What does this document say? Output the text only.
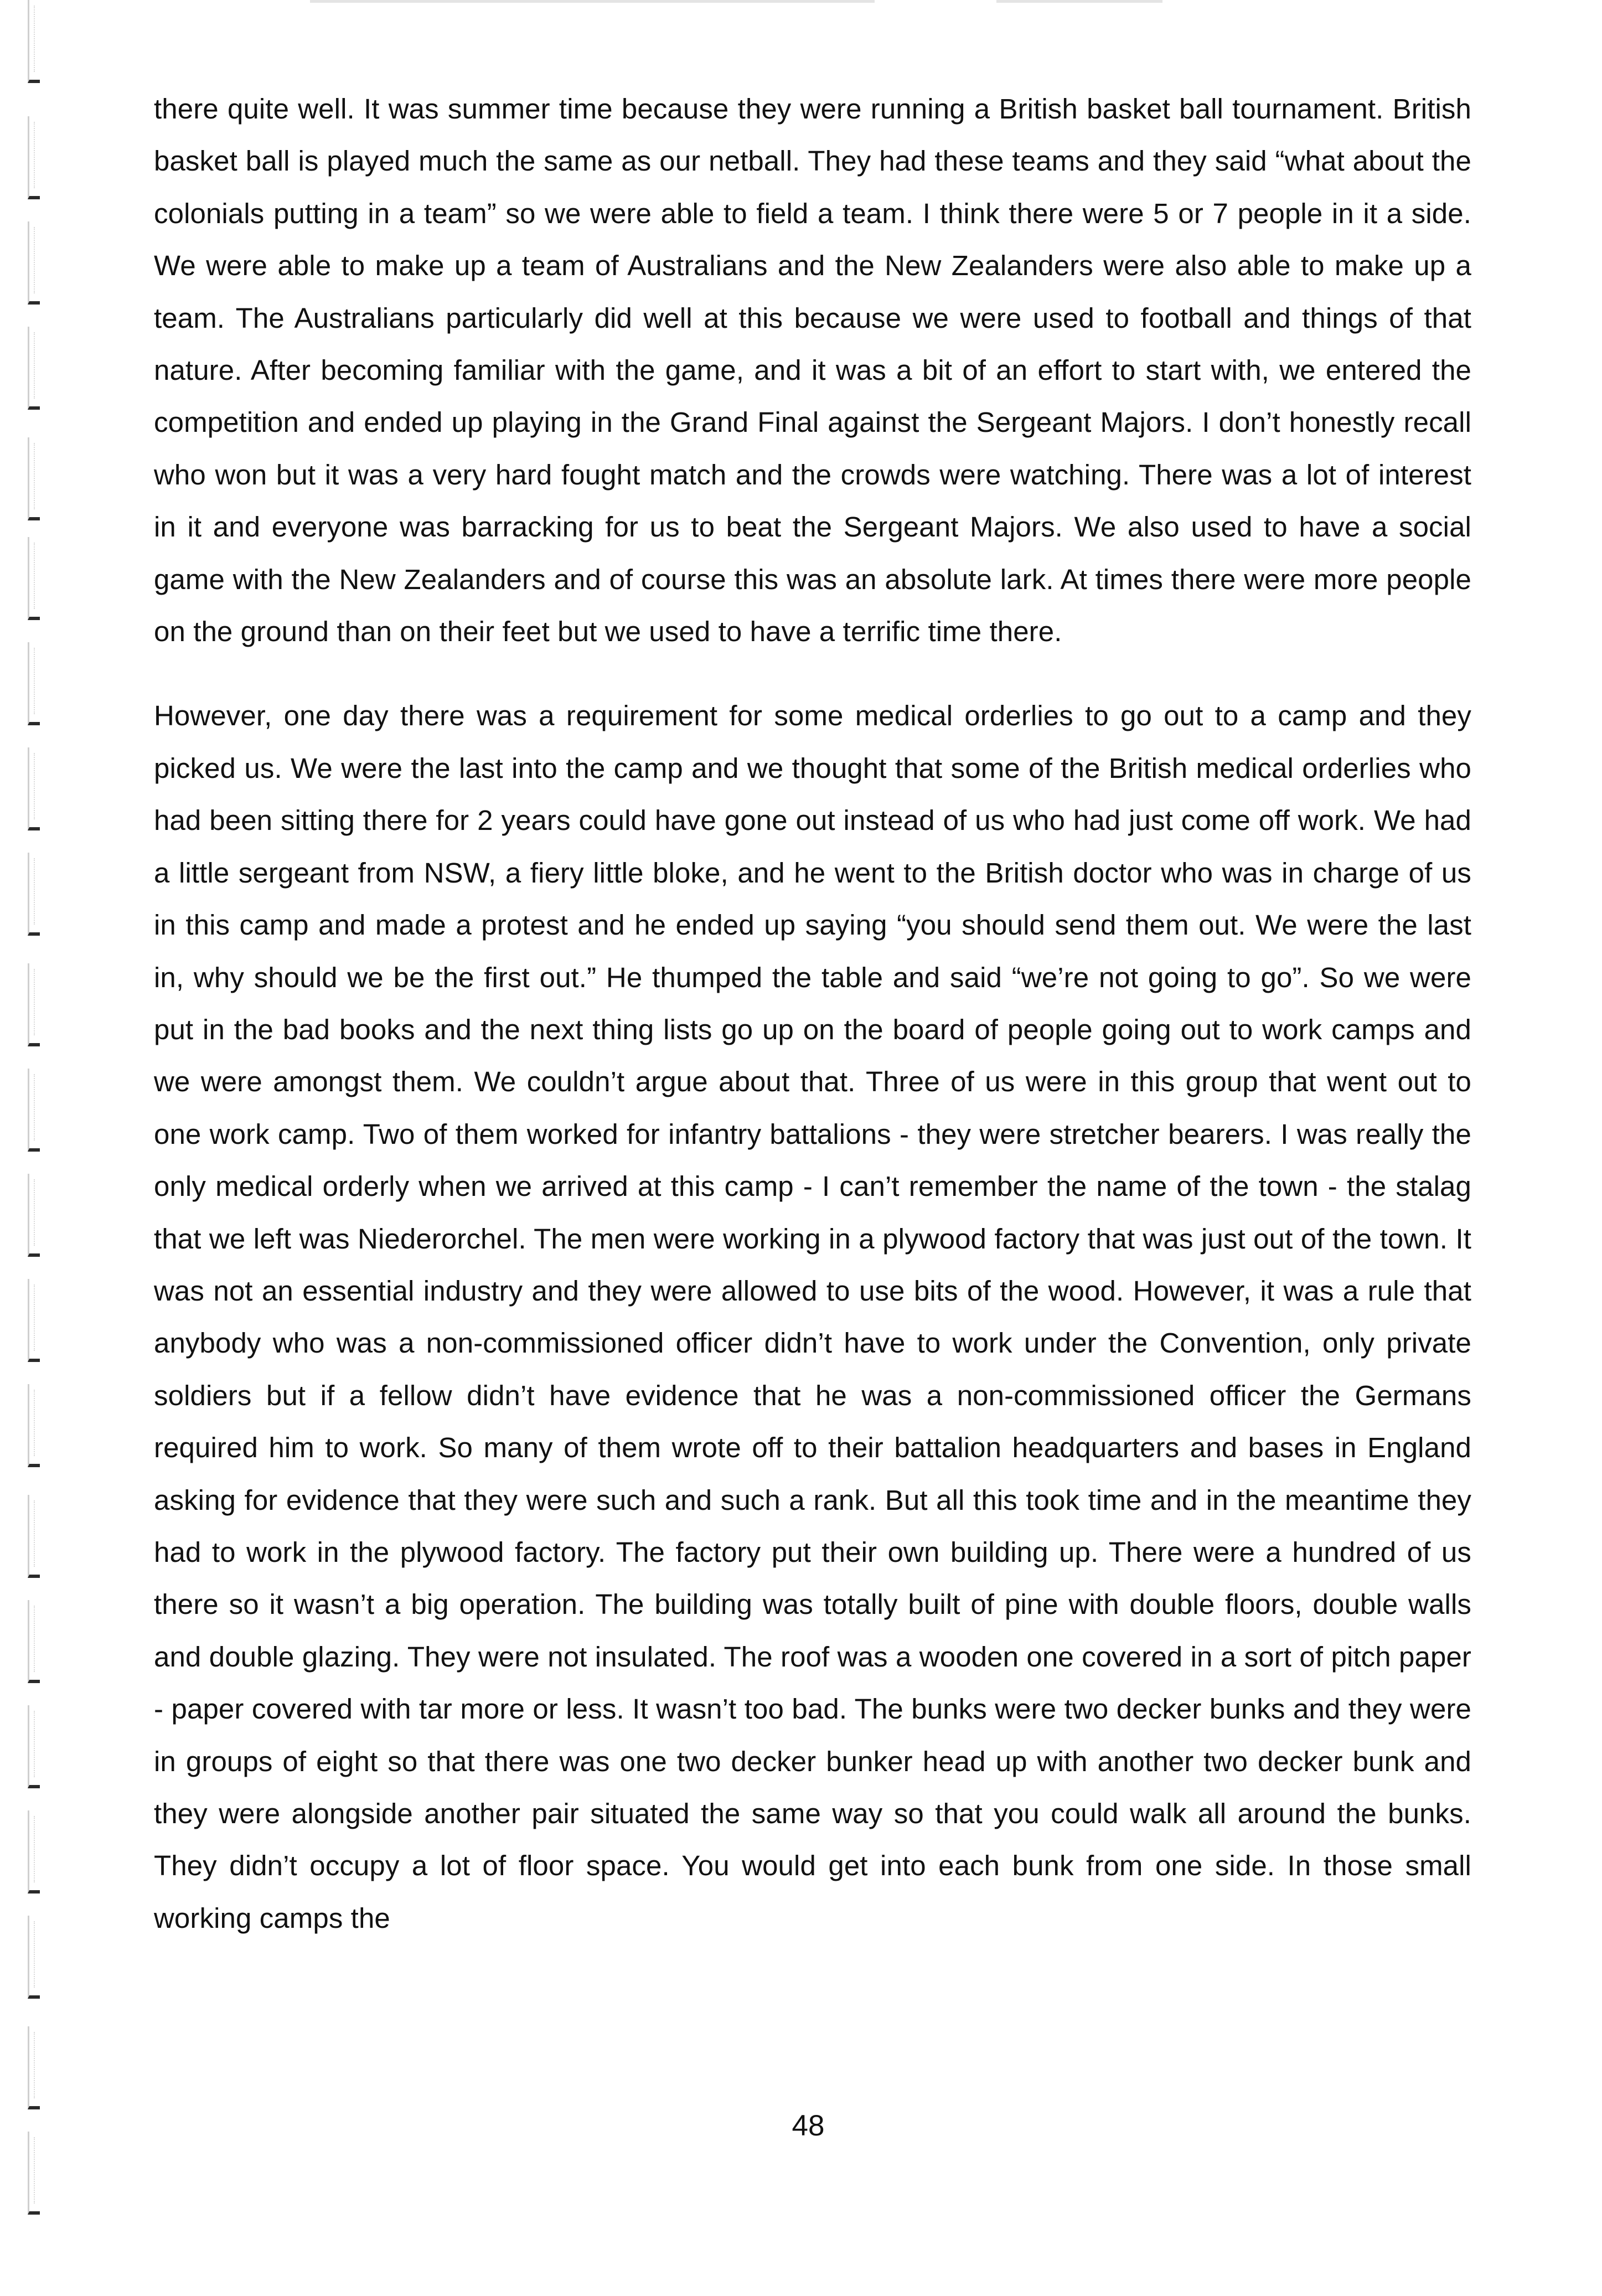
there quite well. It was summer time because they were running a British basket ball tournament. British basket ball is played much the same as our netball. They had these teams and they said “what about the colonials putting in a team” so we were able to field a team. I think there were 5 or 7 people in it a side. We were able to make up a team of Australians and the New Zealanders were also able to make up a team. The Australians particularly did well at this because we were used to football and things of that nature. After becoming familiar with the game, and it was a bit of an effort to start with, we entered the competition and ended up playing in the Grand Final against the Sergeant Majors. I don’t honestly recall who won but it was a very hard fought match and the crowds were watching. There was a lot of interest in it and everyone was barracking for us to beat the Sergeant Majors. We also used to have a social game with the New Zealanders and of course this was an absolute lark. At times there were more people on the ground than on their feet but we used to have a terrific time there.

However, one day there was a requirement for some medical orderlies to go out to a camp and they picked us. We were the last into the camp and we thought that some of the British medical orderlies who had been sitting there for 2 years could have gone out instead of us who had just come off work. We had a little sergeant from NSW, a fiery little bloke, and he went to the British doctor who was in charge of us in this camp and made a protest and he ended up saying “you should send them out. We were the last in, why should we be the first out.” He thumped the table and said “we’re not going to go”. So we were put in the bad books and the next thing lists go up on the board of people going out to work camps and we were amongst them. We couldn’t argue about that. Three of us were in this group that went out to one work camp. Two of them worked for infantry battalions - they were stretcher bearers. I was really the only medical orderly when we arrived at this camp - I can’t remember the name of the town - the stalag that we left was Niederorchel. The men were working in a plywood factory that was just out of the town. It was not an essential industry and they were allowed to use bits of the wood. However, it was a rule that anybody who was a non-commissioned officer didn’t have to work under the Convention, only private soldiers but if a fellow didn’t have evidence that he was a non-commissioned officer the Germans required him to work. So many of them wrote off to their battalion headquarters and bases in England asking for evidence that they were such and such a rank. But all this took time and in the meantime they had to work in the plywood factory. The factory put their own building up. There were a hundred of us there so it wasn’t a big operation. The building was totally built of pine with double floors, double walls and double glazing. They were not insulated. The roof was a wooden one covered in a sort of pitch paper - paper covered with tar more or less. It wasn’t too bad. The bunks were two decker bunks and they were in groups of eight so that there was one two decker bunker head up with another two decker bunk and they were alongside another pair situated the same way so that you could walk all around the bunks. They didn’t occupy a lot of floor space. You would get into each bunk from one side. In those small working camps the

48
